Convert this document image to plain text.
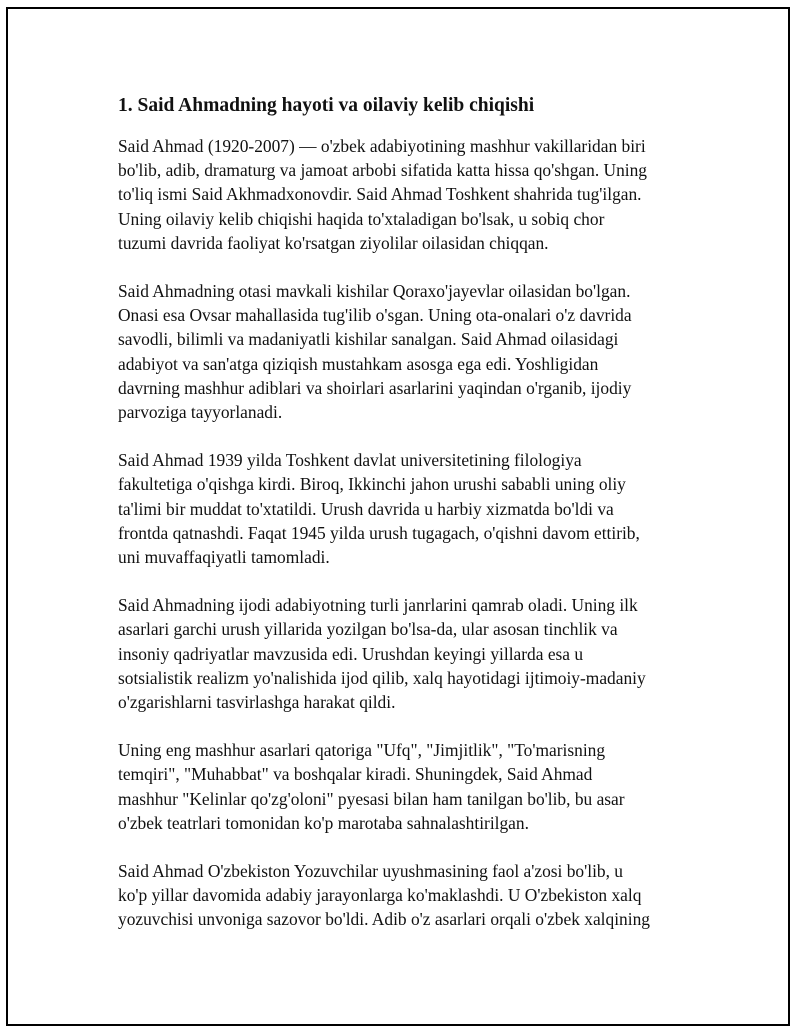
1. Said Ahmadning hayoti va oilaviy kelib chiqishi
Said Ahmad (1920-2007) — o'zbek adabiyotining mashhur vakillaridan biri
bo'lib, adib, dramaturg va jamoat arbobi sifatida katta hissa qo'shgan. Uning
to'liq ismi Said Akhmadxonovdir. Said Ahmad Toshkent shahrida tug'ilgan.
Uning oilaviy kelib chiqishi haqida to'xtaladigan bo'lsak, u sobiq chor
tuzumi davrida faoliyat ko'rsatgan ziyolilar oilasidan chiqqan.
Said Ahmadning otasi mavkali kishilar Qoraxo'jayevlar oilasidan bo'lgan.
Onasi esa Ovsar mahallasida tug'ilib o'sgan. Uning ota-onalari o'z davrida
savodli, bilimli va madaniyatli kishilar sanalgan. Said Ahmad oilasidagi
adabiyot va san'atga qiziqish mustahkam asosga ega edi. Yoshligidan
davrning mashhur adiblari va shoirlari asarlarini yaqindan o'rganib, ijodiy
parvoziga tayyorlanadi.
Said Ahmad 1939 yilda Toshkent davlat universitetining filologiya
fakultetiga o'qishga kirdi. Biroq, Ikkinchi jahon urushi sababli uning oliy
ta'limi bir muddat to'xtatildi. Urush davrida u harbiy xizmatda bo'ldi va
frontda qatnashdi. Faqat 1945 yilda urush tugagach, o'qishni davom ettirib,
uni muvaffaqiyatli tamomladi.
Said Ahmadning ijodi adabiyotning turli janrlarini qamrab oladi. Uning ilk
asarlari garchi urush yillarida yozilgan bo'lsa-da, ular asosan tinchlik va
insoniy qadriyatlar mavzusida edi. Urushdan keyingi yillarda esa u
sotsialistik realizm yo'nalishida ijod qilib, xalq hayotidagi ijtimoiy-madaniy
o'zgarishlarni tasvirlashga harakat qildi.
Uning eng mashhur asarlari qatoriga "Ufq", "Jimjitlik", "To'marisning
temqiri", "Muhabbat" va boshqalar kiradi. Shuningdek, Said Ahmad
mashhur "Kelinlar qo'zg'oloni" pyesasi bilan ham tanilgan bo'lib, bu asar
o'zbek teatrlari tomonidan ko'p marotaba sahnalashtirilgan.
Said Ahmad O'zbekiston Yozuvchilar uyushmasining faol a'zosi bo'lib, u
ko'p yillar davomida adabiy jarayonlarga ko'maklashdi. U O'zbekiston xalq
yozuvchisi unvoniga sazovor bo'ldi. Adib o'z asarlari orqali o'zbek xalqining
